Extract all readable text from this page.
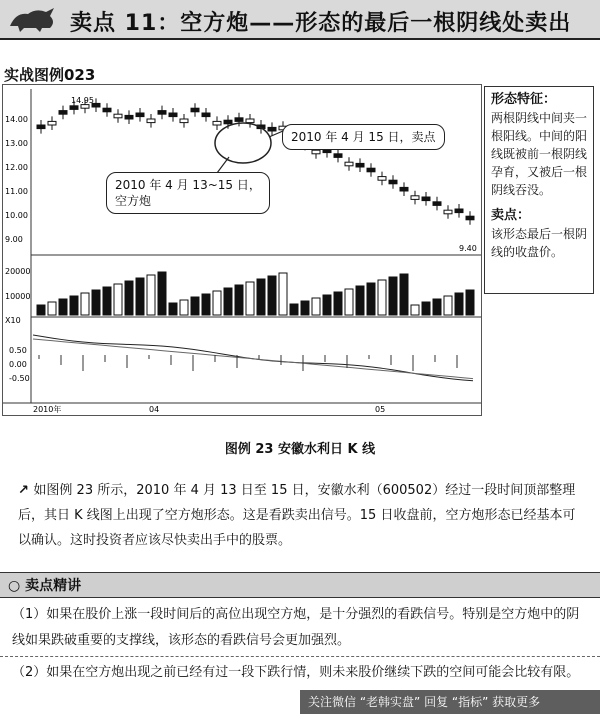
卖点 11：空方炮——形态的最后一根阴线处卖出
实战图例023
14.00
13.00
12.00
11.00
10.00
9.00
14.95
9.40
20000
10000
X10
0.50
0.00
-0.50
2010年	04	05
2010 年 4 月 15 日，卖点
2010 年 4 月 13~15 日，
空方炮
形态特征：
两根阴线中间夹一根阳线。中间的阳线既被前一根阴线孕育，又被后一根阴线吞没。
卖点：
该形态最后一根阴线的收盘价。
图例 23 安徽水利日 K 线
↗ 如图例 23 所示，2010 年 4 月 13 日至 15 日，安徽水利（600502）经过一段时间顶部整理后，其日 K 线图上出现了空方炮形态。这是看跌卖出信号。15 日收盘前，空方炮形态已经基本可以确认。这时投资者应该尽快卖出手中的股票。
○ 卖点精讲
（1）如果在股价上涨一段时间后的高位出现空方炮，是十分强烈的看跌信号。特别是空方炮中的阴线如果跌破重要的支撑线，该形态的看跌信号会更加强烈。
（2）如果在空方炮出现之前已经有过一段下跌行情，则未来股价继续下跌的空间可能会比较有限。
关注微信 “老韩实盘” 回复 “指标” 获取更多
